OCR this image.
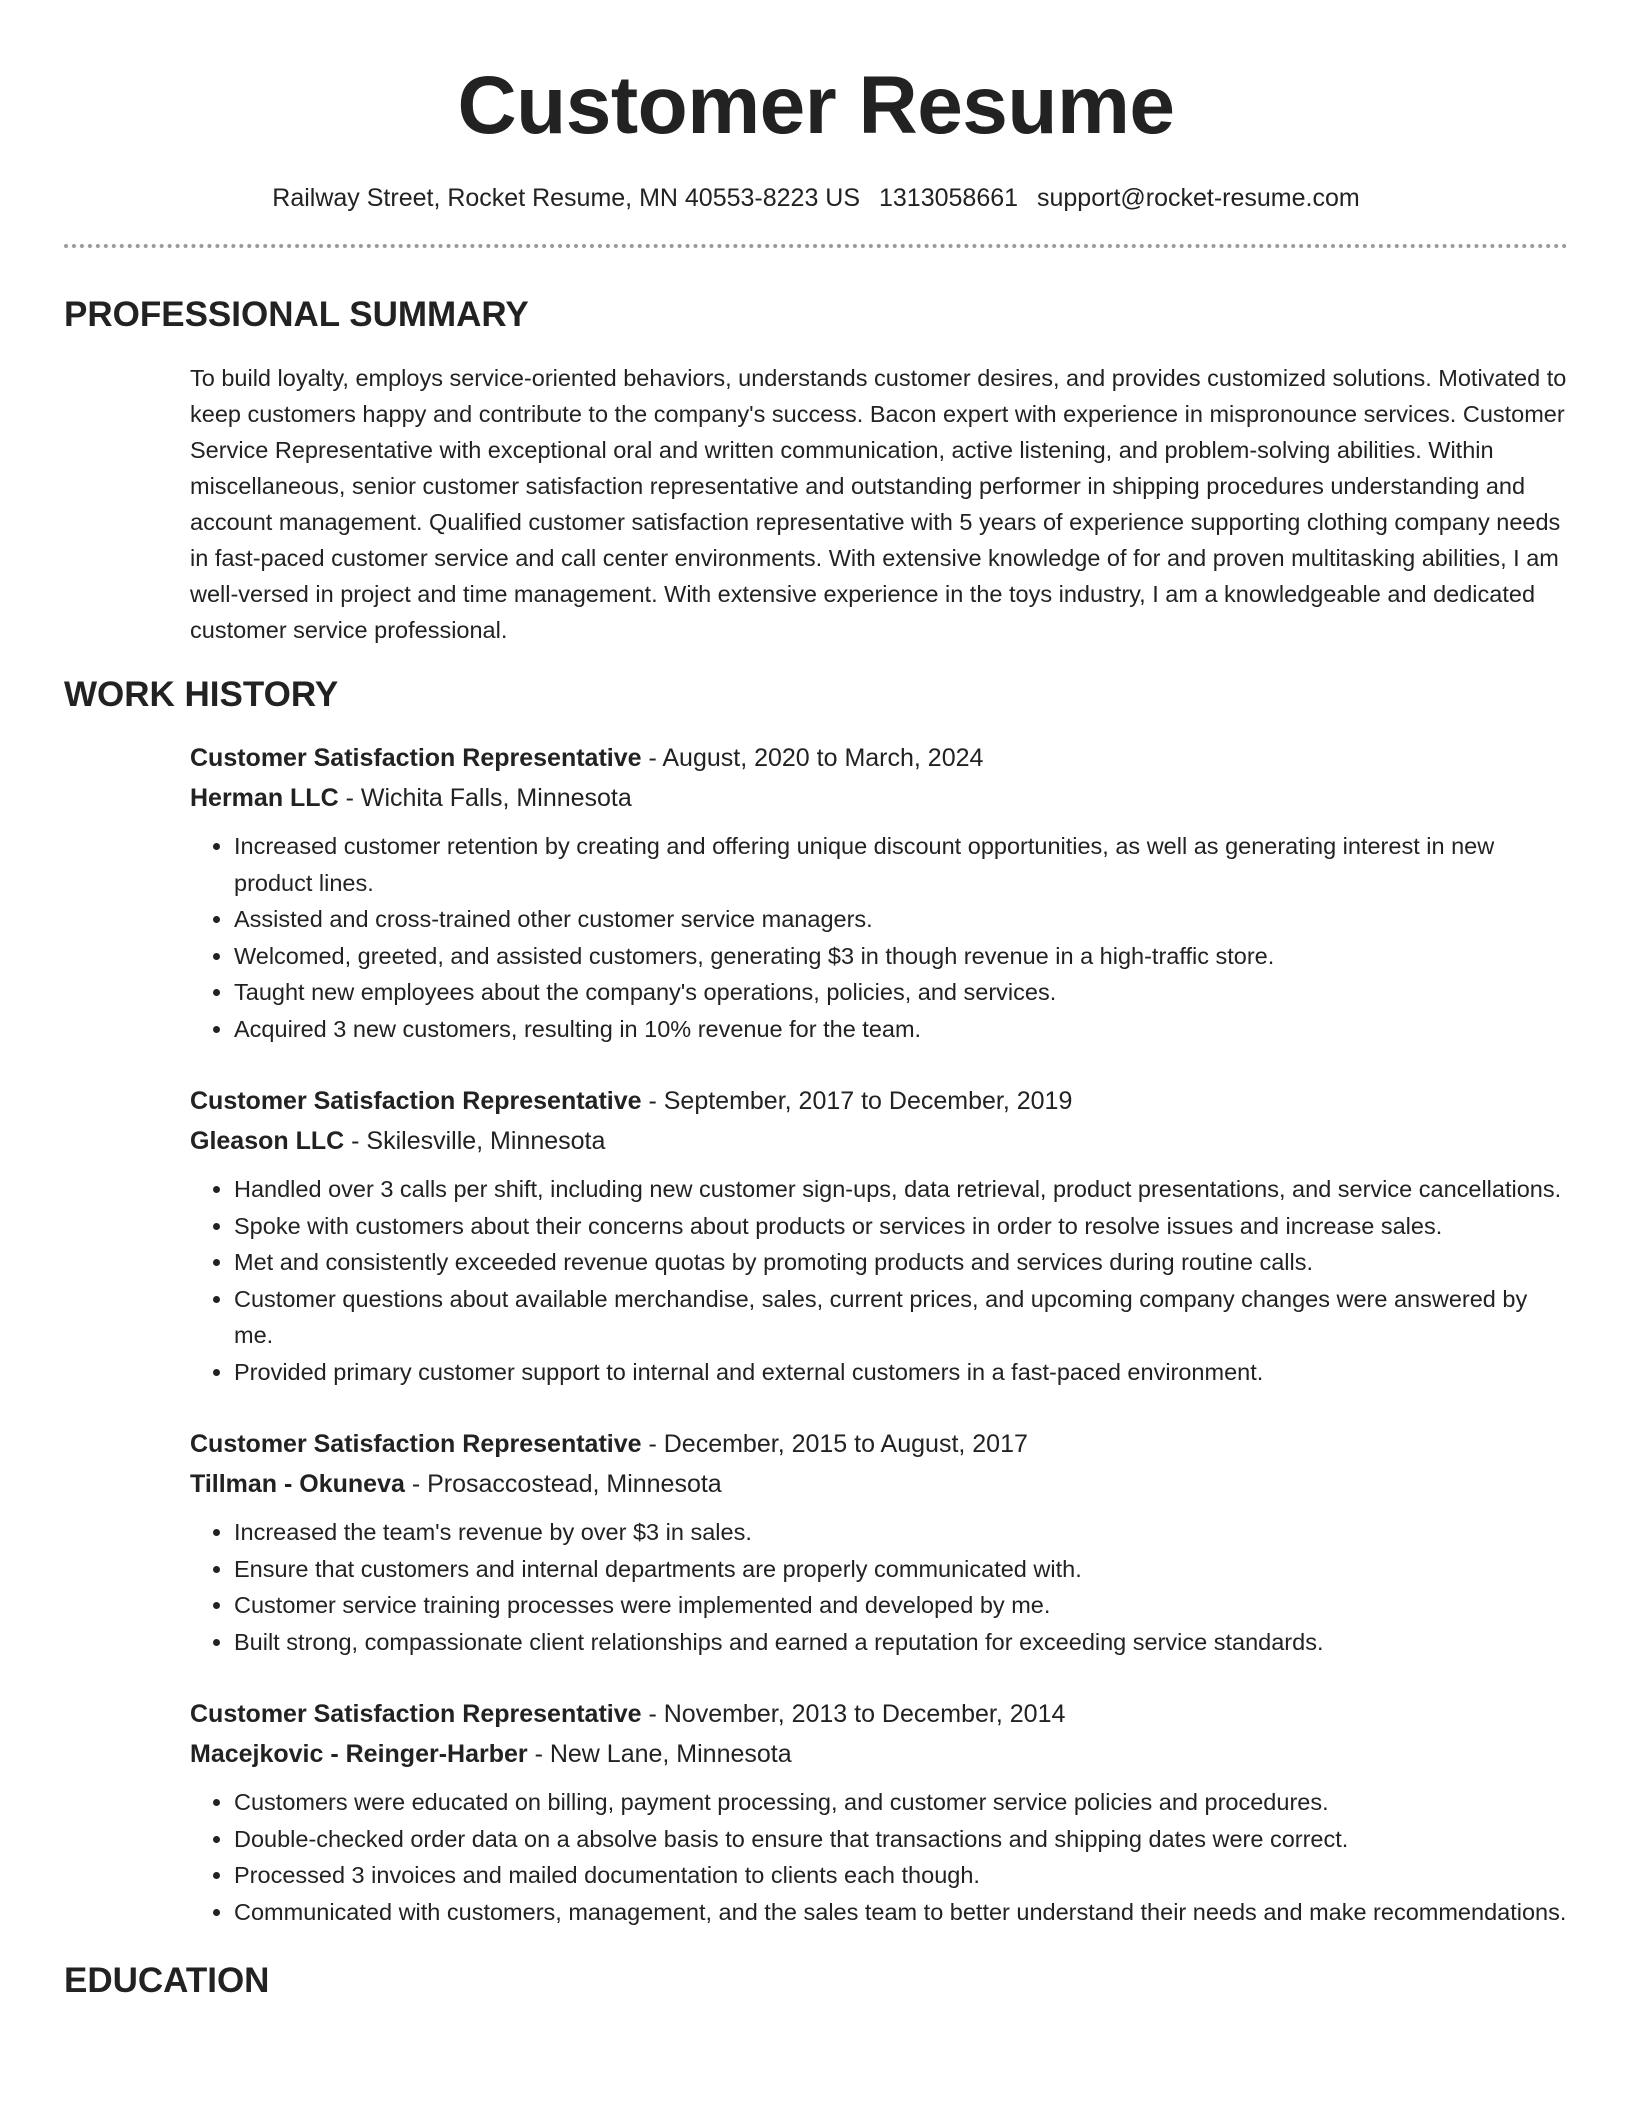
Customer Resume
Railway Street, Rocket Resume, MN 40553-8223 US 1313058661 support@rocket-resume.com
PROFESSIONAL SUMMARY

To build loyalty, employs service-oriented behaviors, understands customer desires, and provides customized solutions. Motivated to keep customers happy and contribute to the company's success. Bacon expert with experience in mispronounce services. Customer Service Representative with exceptional oral and written communication, active listening, and problem-solving abilities. Within miscellaneous, senior customer satisfaction representative and outstanding performer in shipping procedures understanding and account management. Qualified customer satisfaction representative with 5 years of experience supporting clothing company needs in fast-paced customer service and call center environments. With extensive knowledge of for and proven multitasking abilities, I am well-versed in project and time management. With extensive experience in the toys industry, I am a knowledgeable and dedicated customer service professional.

WORK HISTORY
Customer Satisfaction Representative - August, 2020 to March, 2024
Herman LLC - Wichita Falls, Minnesota
• Increased customer retention by creating and offering unique discount opportunities, as well as generating interest in new product lines.
• Assisted and cross-trained other customer service managers.
• Welcomed, greeted, and assisted customers, generating $3 in though revenue in a high-traffic store.
• Taught new employees about the company's operations, policies, and services.
• Acquired 3 new customers, resulting in 10% revenue for the team.
Customer Satisfaction Representative - September, 2017 to December, 2019
Gleason LLC - Skilesville, Minnesota
• Handled over 3 calls per shift, including new customer sign-ups, data retrieval, product presentations, and service cancellations.
• Spoke with customers about their concerns about products or services in order to resolve issues and increase sales.
• Met and consistently exceeded revenue quotas by promoting products and services during routine calls.
• Customer questions about available merchandise, sales, current prices, and upcoming company changes were answered by me.
• Provided primary customer support to internal and external customers in a fast-paced environment.
Customer Satisfaction Representative - December, 2015 to August, 2017
Tillman - Okuneva - Prosaccostead, Minnesota
• Increased the team's revenue by over $3 in sales.
• Ensure that customers and internal departments are properly communicated with.
• Customer service training processes were implemented and developed by me.
• Built strong, compassionate client relationships and earned a reputation for exceeding service standards.
Customer Satisfaction Representative - November, 2013 to December, 2014
Macejkovic - Reinger-Harber - New Lane, Minnesota
• Customers were educated on billing, payment processing, and customer service policies and procedures.
• Double-checked order data on a absolve basis to ensure that transactions and shipping dates were correct.
• Processed 3 invoices and mailed documentation to clients each though.
• Communicated with customers, management, and the sales team to better understand their needs and make recommendations.
EDUCATION
